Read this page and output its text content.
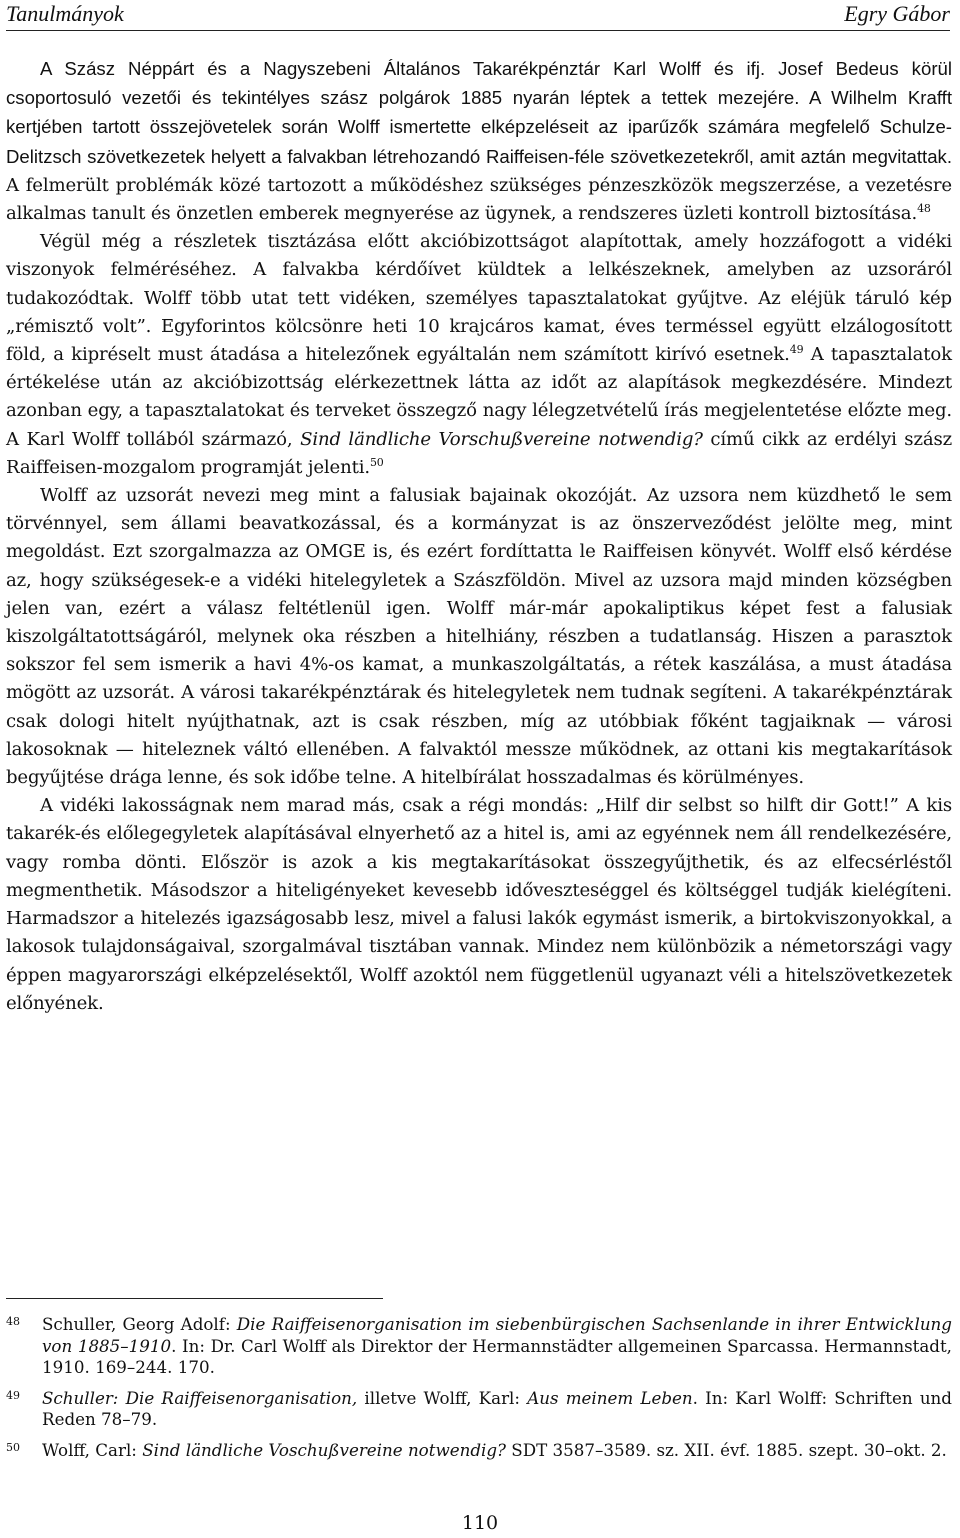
Tanulmányok	Egry Gábor

A Szász Néppárt és a Nagyszebeni Általános Takarékpénztár Karl Wolff és ifj. Josef Bedeus körül csoportosuló vezetői és tekintélyes szász polgárok 1885 nyarán léptek a tettek mezejére. A Wilhelm Krafft kertjében tartott összejövetelek során Wolff ismertette elképzeléseit az iparűzők számára megfelelő Schulze-Delitzsch szövetkezetek helyett a falvakban létrehozandó Raiffeisen-féle szövetkezetekről, amit aztán megvitattak. A felmerült problémák közé tartozott a működéshez szükséges pénzeszközök megszerzése, a vezetésre alkalmas tanult és önzetlen emberek megnyerése az ügynek, a rendszeres üzleti kontroll biztosítása.$^{48}$

Végül még a részletek tisztázása előtt akcióbizottságot alapítottak, amely hozzáfogott a vidéki viszonyok felméréséhez. A falvakba kérdőívet küldtek a lelkészeknek, amelyben az uzsoráról tudakozódtak. Wolff több utat tett vidéken, személyes tapasztalatokat gyűjtve. Az eléjük táruló kép „rémisztő volt”. Egyforintos kölcsönre heti 10 krajcáros kamat, éves terméssel együtt elzálogosított föld, a kipréselt must átadása a hitelezőnek egyáltalán nem számított kirívó esetnek.$^{49}$ A tapasztalatok értékelése után az akcióbizottság elérkezettnek látta az időt az alapítások megkezdésére. Mindezt azonban egy, a tapasztalatokat és terveket összegző nagy lélegzetvételű írás megjelentetése előzte meg. A Karl Wolff tollából származó, Sind ländliche Vorschußvereine notwendig? című cikk az erdélyi szász Raiffeisen-mozgalom programját jelenti.$^{50}$

Wolff az uzsorát nevezi meg mint a falusiak bajainak okozóját. Az uzsora nem küzdhető le sem törvénnyel, sem állami beavatkozással, és a kormányzat is az önszerveződést jelölte meg, mint megoldást. Ezt szorgalmazza az OMGE is, és ezért fordíttatta le Raiffeisen könyvét. Wolff első kérdése az, hogy szükségesek-e a vidéki hitelegyletek a Szászföldön. Mivel az uzsora majd minden községben jelen van, ezért a válasz feltétlenül igen. Wolff már-már apokaliptikus képet fest a falusiak kiszolgáltatottságáról, melynek oka részben a hitelhiány, részben a tudatlanság. Hiszen a parasztok sokszor fel sem ismerik a havi 4%-os kamat, a munkaszolgáltatás, a rétek kaszálása, a must átadása mögött az uzsorát. A városi takarékpénztárak és hitelegyletek nem tudnak segíteni. A takarékpénztárak csak dologi hitelt nyújthatnak, azt is csak részben, míg az utóbbiak főként tagjaiknak — városi lakosoknak — hiteleznek váltó ellenében. A falvaktól messze működnek, az ottani kis megtakarítások begyűjtése drága lenne, és sok időbe telne. A hitelbírálat hosszadalmas és körülményes.

A vidéki lakosságnak nem marad más, csak a régi mondás: „Hilf dir selbst so hilft dir Gott!” A kis takarék-és előlegegyletek alapításával elnyerhető az a hitel is, ami az egyénnek nem áll rendelkezésére, vagy romba dönti. Először is azok a kis megtakarításokat összegyűjthetik, és az elfecsérléstől megmenthetik. Másodszor a hiteligényeket kevesebb időveszteséggel és költséggel tudják kielégíteni. Harmadszor a hitelezés igazságosabb lesz, mivel a falusi lakók egymást ismerik, a birtokviszonyokkal, a lakosok tulajdonságaival, szorgalmával tisztában vannak. Mindez nem különbözik a németországi vagy éppen magyarországi elképzelésektől, Wolff azoktól nem függetlenül ugyanazt véli a hitelszövetkezetek előnyének.

48 Schuller, Georg Adolf: Die Raiffeisenorganisation im siebenbürgischen Sachsenlande in ihrer Entwicklung von 1885–1910. In: Dr. Carl Wolff als Direktor der Hermannstädter allgemeinen Sparcassa. Hermannstadt, 1910. 169–244. 170.
49 Schuller: Die Raiffeisenorganisation, illetve Wolff, Karl: Aus meinem Leben. In: Karl Wolff: Schriften und Reden 78–79.
50 Wolff, Carl: Sind ländliche Voschußvereine notwendig? SDT 3587–3589. sz. XII. évf. 1885. szept. 30–okt. 2.
110
